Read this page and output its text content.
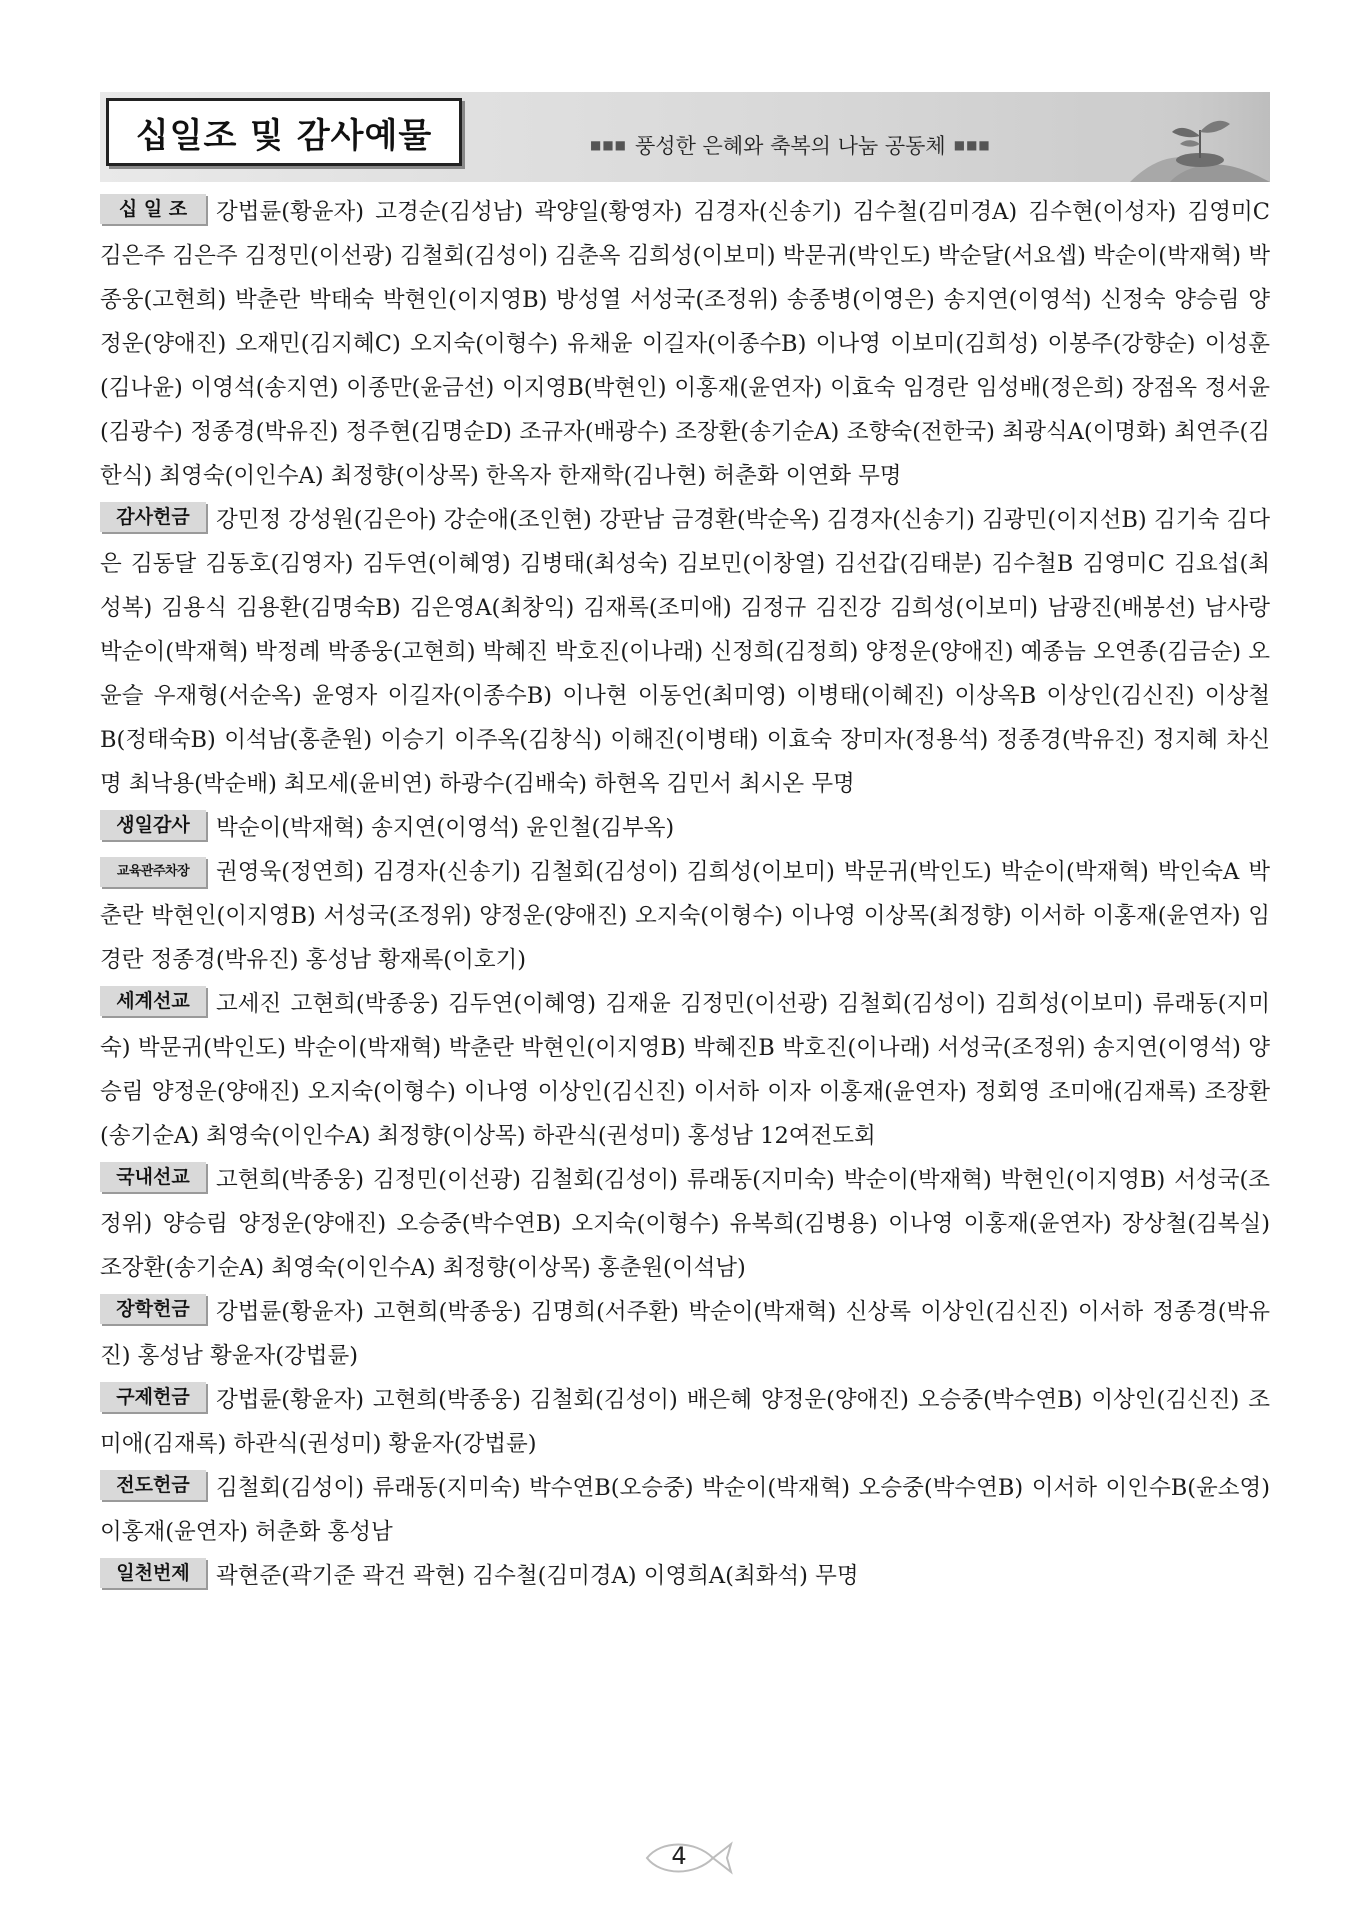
십일조 및 감사예물	■■■ 풍성한 은혜와 축복의 나눔 공동체 ■■■
십 일 조 강법륜(황윤자) 고경순(김성남) 곽양일(황영자) 김경자(신송기) 김수철(김미경A) 김수현(이성자) 김영미C 김은주 김은주 김정민(이선광) 김철회(김성이) 김춘옥 김희성(이보미) 박문귀(박인도) 박순달(서요셉) 박순이(박재혁) 박종웅(고현희) 박춘란 박태숙 박현인(이지영B) 방성열 서성국(조정위) 송종병(이영은) 송지연(이영석) 신정숙 양승림 양정운(양애진) 오재민(김지혜C) 오지숙(이형수) 유채윤 이길자(이종수B) 이나영 이보미(김희성) 이봉주(강향순) 이성훈(김나윤) 이영석(송지연) 이종만(윤금선) 이지영B(박현인) 이홍재(윤연자) 이효숙 임경란 임성배(정은희) 장점옥 정서윤(김광수) 정종경(박유진) 정주현(김명순D) 조규자(배광수) 조장환(송기순A) 조향숙(전한국) 최광식A(이명화) 최연주(김한식) 최영숙(이인수A) 최정향(이상목) 한옥자 한재학(김나현) 허춘화 이연화 무명
감사헌금 강민정 강성원(김은아) 강순애(조인현) 강판남 금경환(박순옥) 김경자(신송기) 김광민(이지선B) 김기숙 김다은 김동달 김동호(김영자) 김두연(이혜영) 김병태(최성숙) 김보민(이창열) 김선갑(김태분) 김수철B 김영미C 김요섭(최성복) 김용식 김용환(김명숙B) 김은영A(최창익) 김재록(조미애) 김정규 김진강 김희성(이보미) 남광진(배봉선) 남사랑 박순이(박재혁) 박정례 박종웅(고현희) 박혜진 박호진(이나래) 신정희(김정희) 양정운(양애진) 예종늠 오연종(김금순) 오윤슬 우재형(서순옥) 윤영자 이길자(이종수B) 이나현 이동언(최미영) 이병태(이혜진) 이상옥B 이상인(김신진) 이상철B(정태숙B) 이석남(홍춘원) 이승기 이주옥(김창식) 이해진(이병태) 이효숙 장미자(정용석) 정종경(박유진) 정지혜 차신명 최낙용(박순배) 최모세(윤비연) 하광수(김배숙) 하현옥 김민서 최시온 무명
생일감사 박순이(박재혁) 송지연(이영석) 윤인철(김부옥)
교육관주차장 권영욱(정연희) 김경자(신송기) 김철회(김성이) 김희성(이보미) 박문귀(박인도) 박순이(박재혁) 박인숙A 박춘란 박현인(이지영B) 서성국(조정위) 양정운(양애진) 오지숙(이형수) 이나영 이상목(최정향) 이서하 이홍재(윤연자) 임경란 정종경(박유진) 홍성남 황재록(이호기)
세계선교 고세진 고현희(박종웅) 김두연(이혜영) 김재윤 김정민(이선광) 김철회(김성이) 김희성(이보미) 류래동(지미숙) 박문귀(박인도) 박순이(박재혁) 박춘란 박현인(이지영B) 박혜진B 박호진(이나래) 서성국(조정위) 송지연(이영석) 양승림 양정운(양애진) 오지숙(이형수) 이나영 이상인(김신진) 이서하 이자 이홍재(윤연자) 정회영 조미애(김재록) 조장환(송기순A) 최영숙(이인수A) 최정향(이상목) 하관식(권성미) 홍성남 12여전도회
국내선교 고현희(박종웅) 김정민(이선광) 김철회(김성이) 류래동(지미숙) 박순이(박재혁) 박현인(이지영B) 서성국(조정위) 양승림 양정운(양애진) 오승중(박수연B) 오지숙(이형수) 유복희(김병용) 이나영 이홍재(윤연자) 장상철(김복실) 조장환(송기순A) 최영숙(이인수A) 최정향(이상목) 홍춘원(이석남)
장학헌금 강법륜(황윤자) 고현희(박종웅) 김명희(서주환) 박순이(박재혁) 신상록 이상인(김신진) 이서하 정종경(박유진) 홍성남 황윤자(강법륜)
구제헌금 강법륜(황윤자) 고현희(박종웅) 김철회(김성이) 배은혜 양정운(양애진) 오승중(박수연B) 이상인(김신진) 조미애(김재록) 하관식(권성미) 황윤자(강법륜)
전도헌금 김철회(김성이) 류래동(지미숙) 박수연B(오승중) 박순이(박재혁) 오승중(박수연B) 이서하 이인수B(윤소영) 이홍재(윤연자) 허춘화 홍성남
일천번제 곽현준(곽기준 곽건 곽현) 김수철(김미경A) 이영희A(최화석) 무명
4
